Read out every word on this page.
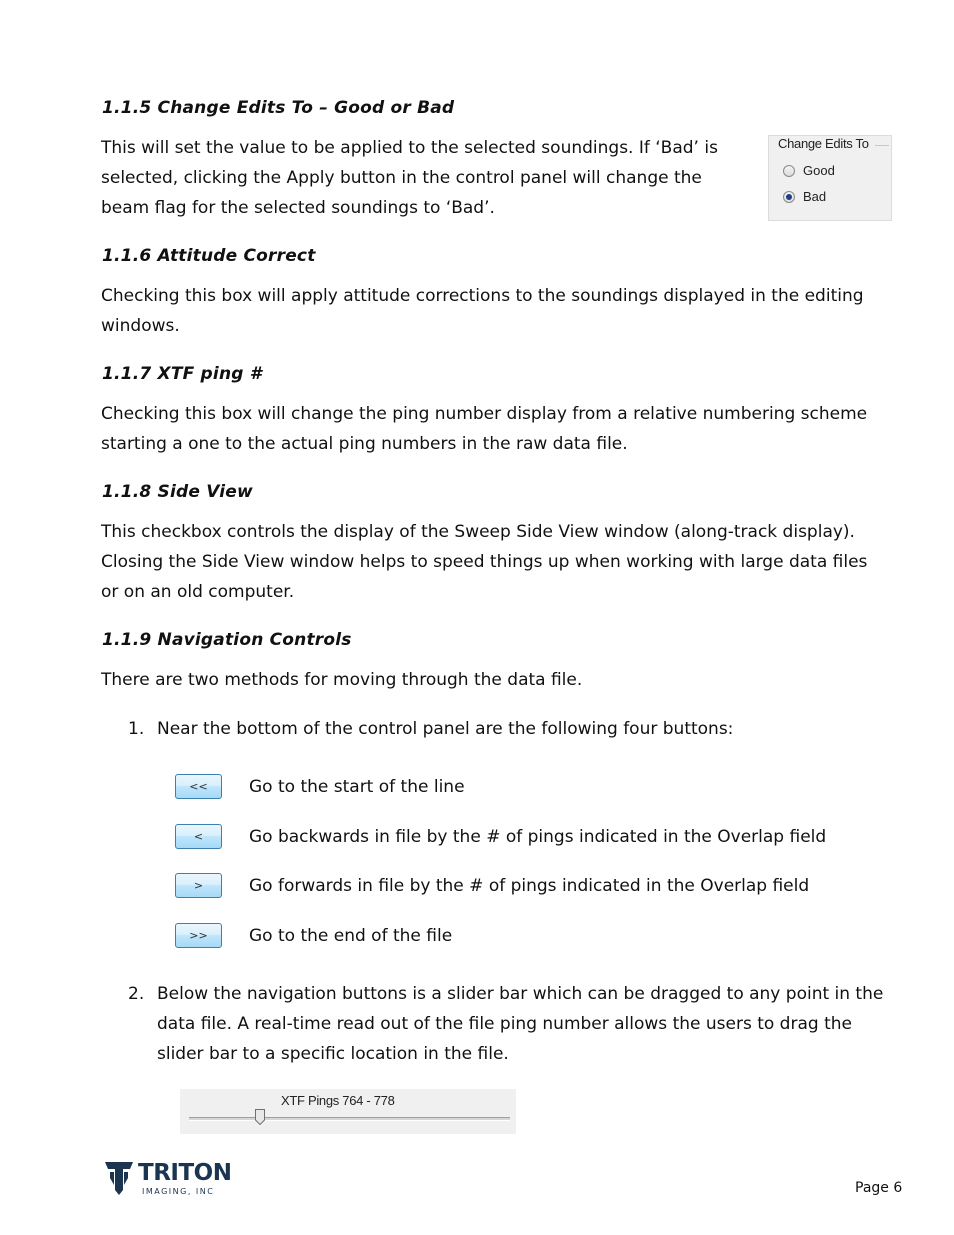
1.1.5 Change Edits To – Good or Bad

This will set the value to be applied to the selected soundings. If ‘Bad’ is

selected, clicking the Apply button in the control panel will change the

beam flag for the selected soundings to ‘Bad’.

Change Edits To
Good
Bad
1.1.6 Attitude Correct

Checking this box will apply attitude corrections to the soundings displayed in the editing

windows.

1.1.7 XTF ping #

Checking this box will change the ping number display from a relative numbering scheme

starting a one to the actual ping numbers in the raw data file.

1.1.8 Side View

This checkbox controls the display of the Sweep Side View window (along-track display).

Closing the Side View window helps to speed things up when working with large data files

or on an old computer.

1.1.9 Navigation Controls

There are two methods for moving through the data file.

1. Near the bottom of the control panel are the following four buttons:

<<	Go to the start of the line

<	Go backwards in file by the # of pings indicated in the Overlap field

>	Go forwards in file by the # of pings indicated in the Overlap field

>>	Go to the end of the file

2. Below the navigation buttons is a slider bar which can be dragged to any point in the

data file. A real-time read out of the file ping number allows the users to drag the

slider bar to a specific location in the file.

XTF Pings 764 - 778
TRITON
IMAGING, INC	Page 6
